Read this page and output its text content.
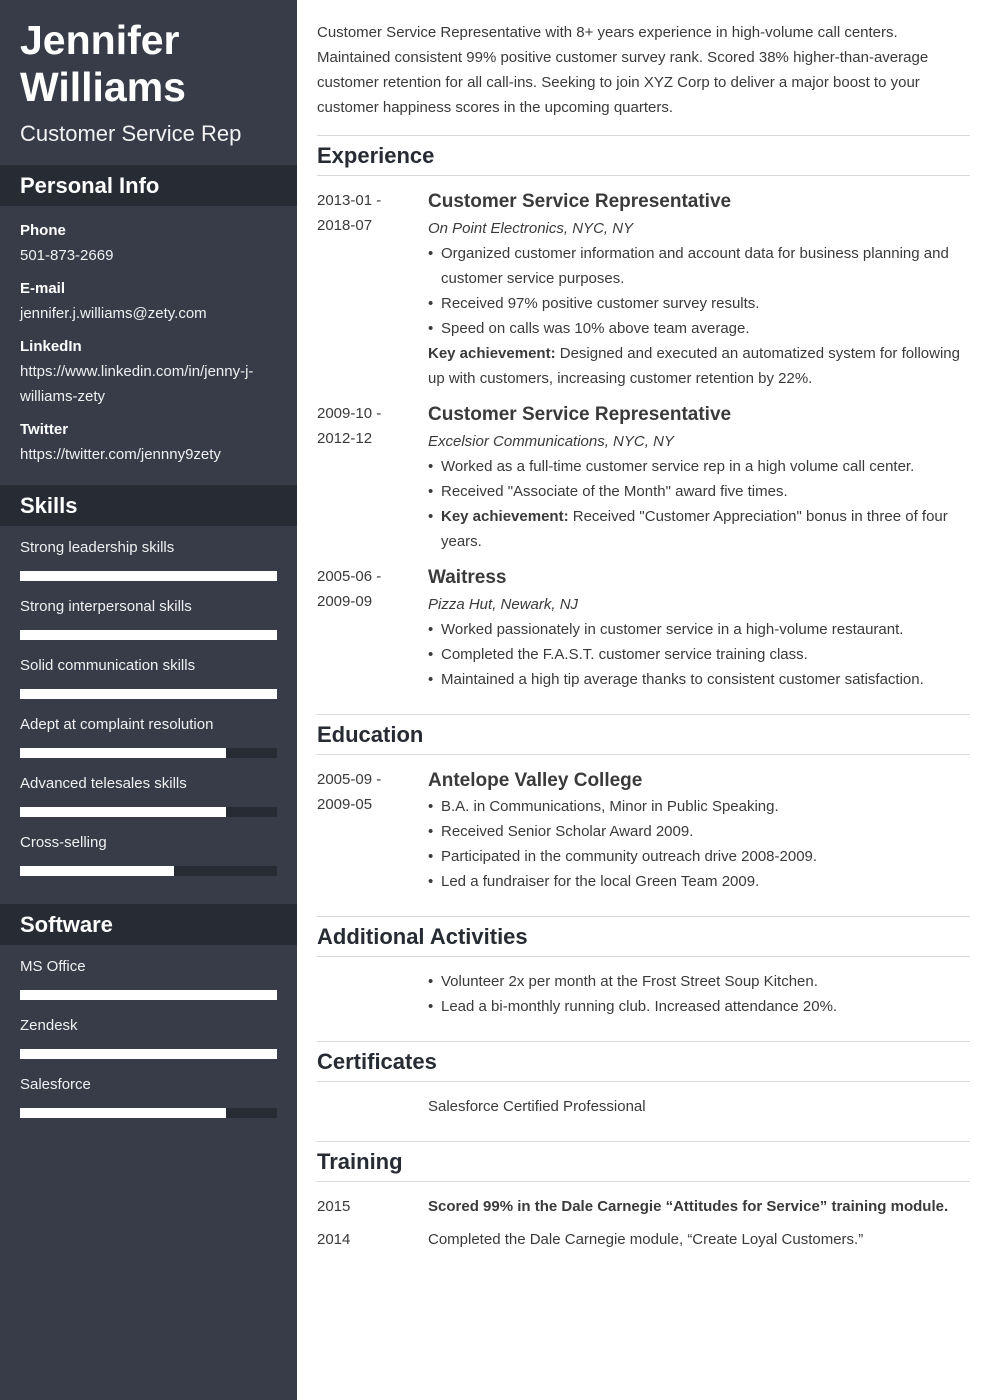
Jennifer
Williams
Customer Service Rep
Personal Info
Phone
501-873-2669
E-mail
jennifer.j.williams@zety.com
LinkedIn
https://www.linkedin.com/in/jenny-j-williams-zety
Twitter
https://twitter.com/jennny9zety
Skills
Strong leadership skills
Strong interpersonal skills
Solid communication skills
Adept at complaint resolution
Advanced telesales skills
Cross-selling
Software
MS Office
Zendesk
Salesforce

Customer Service Representative with 8+ years experience in high-volume call centers. Maintained consistent 99% positive customer survey rank. Scored 38% higher-than-average customer retention for all call-ins. Seeking to join XYZ Corp to deliver a major boost to your customer happiness scores in the upcoming quarters.

Experience
2013-01 -
2018-07
Customer Service Representative
On Point Electronics, NYC, NY
• Organized customer information and account data for business planning and customer service purposes.
• Received 97% positive customer survey results.
• Speed on calls was 10% above team average.
Key achievement: Designed and executed an automatized system for following up with customers, increasing customer retention by 22%.
2009-10 -
2012-12
Customer Service Representative
Excelsior Communications, NYC, NY
• Worked as a full-time customer service rep in a high volume call center.
• Received "Associate of the Month" award five times.
• Key achievement: Received "Customer Appreciation" bonus in three of four years.
2005-06 -
2009-09
Waitress
Pizza Hut, Newark, NJ
• Worked passionately in customer service in a high-volume restaurant.
• Completed the F.A.S.T. customer service training class.
• Maintained a high tip average thanks to consistent customer satisfaction.
Education
2005-09 -
2009-05
Antelope Valley College
• B.A. in Communications, Minor in Public Speaking.
• Received Senior Scholar Award 2009.
• Participated in the community outreach drive 2008-2009.
• Led a fundraiser for the local Green Team 2009.
Additional Activities
• Volunteer 2x per month at the Frost Street Soup Kitchen.
• Lead a bi-monthly running club. Increased attendance 20%.
Certificates
Salesforce Certified Professional
Training
2015	Scored 99% in the Dale Carnegie “Attitudes for Service” training module.
2014	Completed the Dale Carnegie module, “Create Loyal Customers.”
